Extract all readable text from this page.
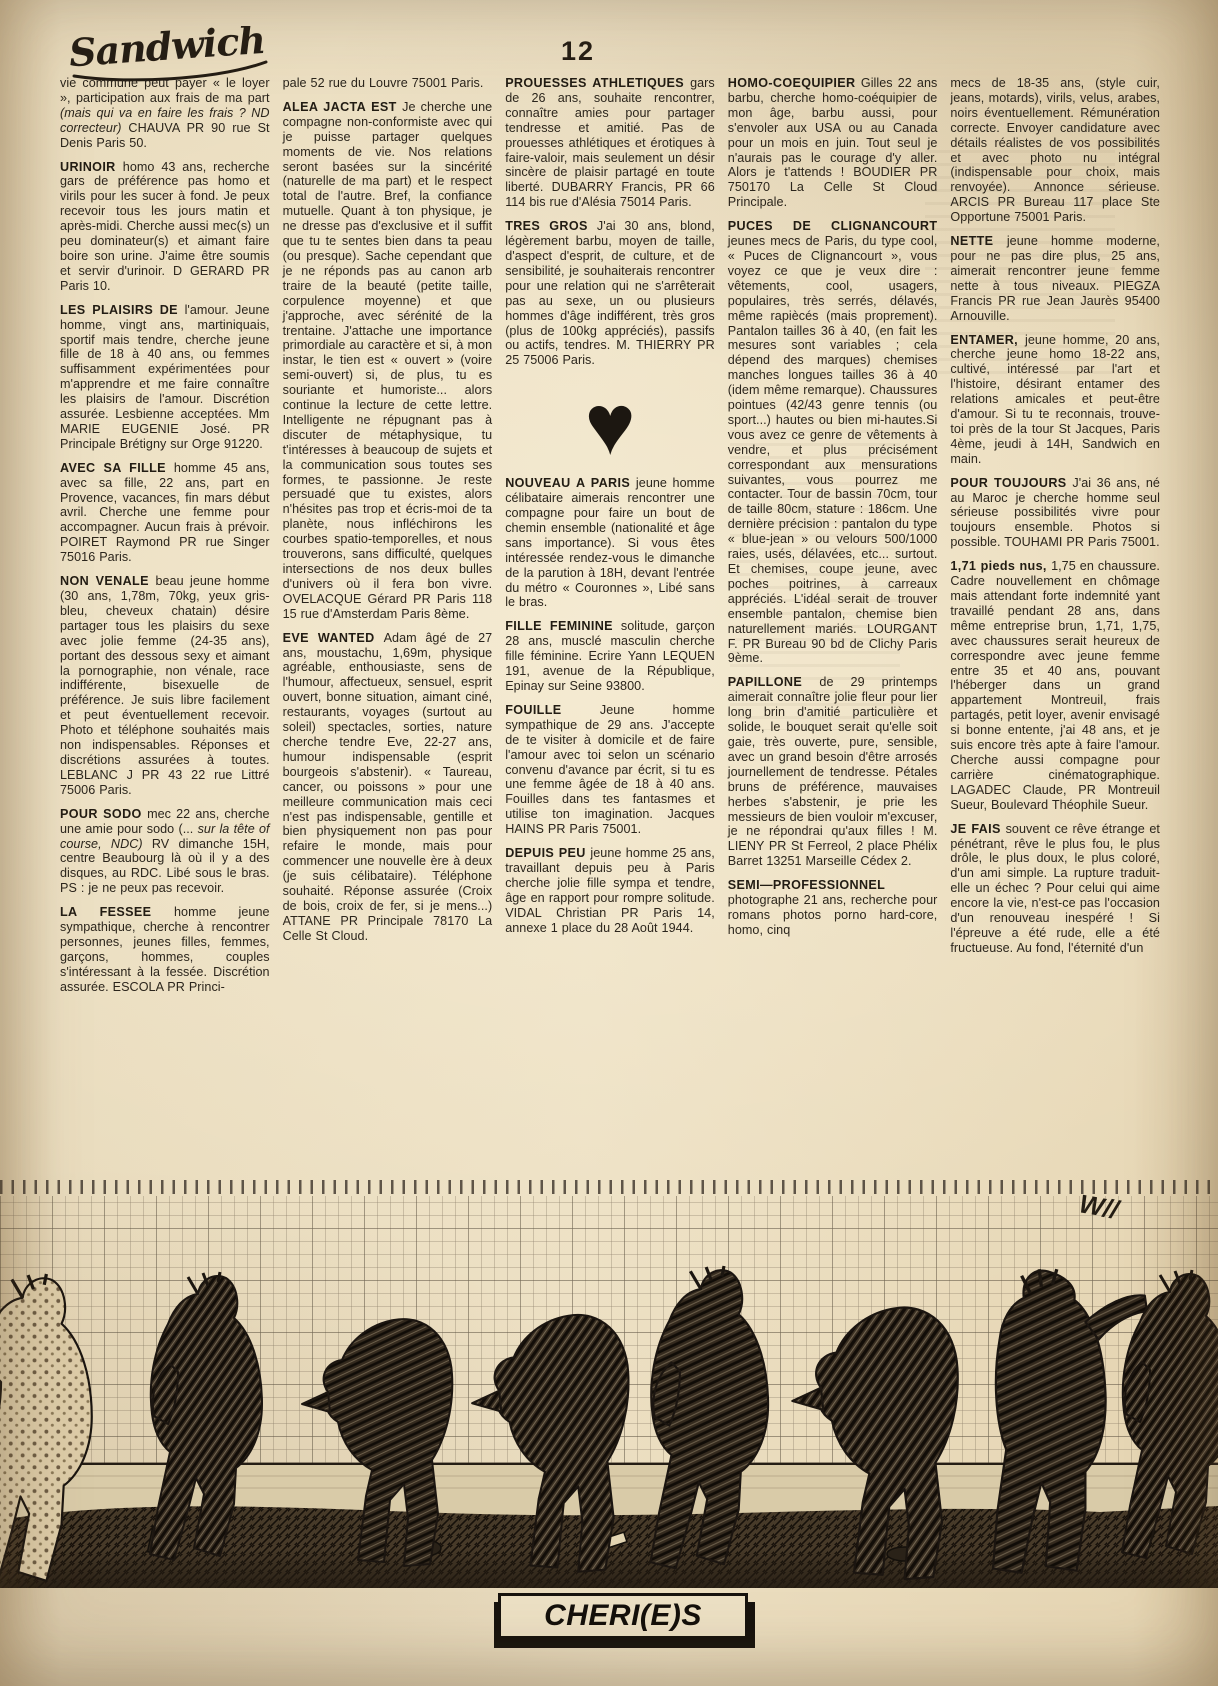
Sandwich	12

vie commune peut payer « le loyer », participation aux frais de ma part (mais qui va en faire les frais ? ND correcteur) CHAUVA PR 90 rue St Denis Paris 50.

URINOIR homo 43 ans, recherche gars de préférence pas homo et virils pour les sucer à fond. Je peux recevoir tous les jours matin et après-midi. Cherche aussi mec(s) un peu dominateur(s) et aimant faire boire son urine. J'aime être soumis et servir d'urinoir. D GERARD PR Paris 10.

LES PLAISIRS DE l'amour. Jeune homme, vingt ans, martiniquais, sportif mais tendre, cherche jeune fille de 18 à 40 ans, ou femmes suffisamment expérimentées pour m'apprendre et me faire connaître les plaisirs de l'amour. Discrétion assurée. Lesbienne acceptées. Mm MARIE EUGENIE José. PR Principale Brétigny sur Orge 91220.

AVEC SA FILLE homme 45 ans, avec sa fille, 22 ans, part en Provence, vacances, fin mars début avril. Cherche une femme pour accompagner. Aucun frais à prévoir. POIRET Raymond PR rue Singer 75016 Paris.

NON VENALE beau jeune homme (30 ans, 1,78m, 70kg, yeux gris-bleu, cheveux chatain) désire partager tous les plaisirs du sexe avec jolie femme (24-35 ans), portant des dessous sexy et aimant la pornographie, non vénale, race indifférente, bisexuelle de préférence. Je suis libre facilement et peut éventuellement recevoir. Photo et téléphone souhaités mais non indispensables. Réponses et discrétions assurées à toutes. LEBLANC J PR 43 22 rue Littré 75006 Paris.

POUR SODO mec 22 ans, cherche une amie pour sodo (... sur la tête of course, NDC) RV dimanche 15H, centre Beaubourg là où il y a des disques, au RDC. Libé sous le bras. PS : je ne peux pas recevoir.

LA FESSEE homme jeune sympathique, cherche à rencontrer personnes, jeunes filles, femmes, garçons, hommes, couples s'intéressant à la fessée. Discrétion assurée. ESCOLA PR Princi-

pale 52 rue du Louvre 75001 Paris.

ALEA JACTA EST Je cherche une compagne non-conformiste avec qui je puisse partager quelques moments de vie. Nos relations seront basées sur la sincérité (naturelle de ma part) et le respect total de l'autre. Bref, la confiance mutuelle. Quant à ton physique, je ne dresse pas d'exclusive et il suffit que tu te sentes bien dans ta peau (ou presque). Sache cependant que je ne réponds pas au canon arb traire de la beauté (petite taille, corpulence moyenne) et que j'approche, avec sérénité de la trentaine. J'attache une importance primordiale au caractère et si, à mon instar, le tien est « ouvert » (voire semi-ouvert) si, de plus, tu es souriante et humoriste... alors continue la lecture de cette lettre. Intelligente ne répugnant pas à discuter de métaphysique, tu t'intéresses à beaucoup de sujets et la communication sous toutes ses formes, te passionne. Je reste persuadé que tu existes, alors n'hésites pas trop et écris-moi de ta planète, nous infléchirons les courbes spatio-temporelles, et nous trouverons, sans difficulté, quelques intersections de nos deux bulles d'univers où il fera bon vivre. OVELACQUE Gérard PR Paris 118 15 rue d'Amsterdam Paris 8ème.

EVE WANTED Adam âgé de 27 ans, moustachu, 1,69m, physique agréable, enthousiaste, sens de l'humour, affectueux, sensuel, esprit ouvert, bonne situation, aimant ciné, restaurants, voyages (surtout au soleil) spectacles, sorties, nature cherche tendre Eve, 22-27 ans, humour indispensable (esprit bourgeois s'abstenir). « Taureau, cancer, ou poissons » pour une meilleure communication mais ceci n'est pas indispensable, gentille et bien physiquement non pas pour refaire le monde, mais pour commencer une nouvelle ère à deux (je suis célibataire). Téléphone souhaité. Réponse assurée (Croix de bois, croix de fer, si je mens...) ATTANE PR Principale 78170 La Celle St Cloud.

PROUESSES ATHLETIQUES gars de 26 ans, souhaite rencontrer, connaître amies pour partager tendresse et amitié. Pas de prouesses athlétiques et érotiques à faire-valoir, mais seulement un désir sincère de plaisir partagé en toute liberté. DUBARRY Francis, PR 66 114 bis rue d'Alésia 75014 Paris.

TRES GROS J'ai 30 ans, blond, légèrement barbu, moyen de taille, d'aspect d'esprit, de culture, et de sensibilité, je souhaiterais rencontrer pour une relation qui ne s'arrêterait pas au sexe, un ou plusieurs hommes d'âge indifférent, très gros (plus de 100kg appréciés), passifs ou actifs, tendres. M. THIERRY PR 25 75006 Paris.

♥

NOUVEAU A PARIS jeune homme célibataire aimerais rencontrer une compagne pour faire un bout de chemin ensemble (nationalité et âge sans importance). Si vous êtes intéressée rendez-vous le dimanche de la parution à 18H, devant l'entrée du métro « Couronnes », Libé sans le bras.

FILLE FEMININE solitude, garçon 28 ans, musclé masculin cherche fille féminine. Ecrire Yann LEQUEN 191, avenue de la République, Epinay sur Seine 93800.

FOUILLE Jeune homme sympathique de 29 ans. J'accepte de te visiter à domicile et de faire l'amour avec toi selon un scénario convenu d'avance par écrit, si tu es une femme âgée de 18 à 40 ans. Fouilles dans tes fantasmes et utilise ton imagination. Jacques HAINS PR Paris 75001.

DEPUIS PEU jeune homme 25 ans, travaillant depuis peu à Paris cherche jolie fille sympa et tendre, âge en rapport pour rompre solitude. VIDAL Christian PR Paris 14, annexe 1 place du 28 Août 1944.

HOMO-COEQUIPIER Gilles 22 ans barbu, cherche homo-coéquipier de mon âge, barbu aussi, pour s'envoler aux USA ou au Canada pour un mois en juin. Tout seul je n'aurais pas le courage d'y aller. Alors je t'attends ! BOUDIER PR 750170 La Celle St Cloud Principale.

PUCES DE CLIGNANCOURT jeunes mecs de Paris, du type cool, « Puces de Clignancourt », vous voyez ce que je veux dire : vêtements, cool, usagers, populaires, très serrés, délavés, même rapiècés (mais proprement). Pantalon tailles 36 à 40, (en fait les mesures sont variables ; cela dépend des marques) chemises manches longues tailles 36 à 40 (idem même remarque). Chaussures pointues (42/43 genre tennis (ou sport...) hautes ou bien mi-hautes.Si vous avez ce genre de vêtements à vendre, et plus précisément correspondant aux mensurations suivantes, vous pourrez me contacter. Tour de bassin 70cm, tour de taille 80cm, stature : 186cm. Une dernière précision : pantalon du type « blue-jean » ou velours 500/1000 raies, usés, délavées, etc... surtout. Et chemises, coupe jeune, avec poches poitrines, à carreaux appréciés. L'idéal serait de trouver ensemble pantalon, chemise bien naturellement mariés. LOURGANT F. PR Bureau 90 bd de Clichy Paris 9ème.

PAPILLONE de 29 printemps aimerait connaître jolie fleur pour lier long brin d'amitié particulière et solide, le bouquet serait qu'elle soit gaie, très ouverte, pure, sensible, avec un grand besoin d'être arrosés journellement de tendresse. Pétales bruns de préférence, mauvaises herbes s'abstenir, je prie les messieurs de bien vouloir m'excuser, je ne répondrai qu'aux filles ! M. LIENY PR St Ferreol, 2 place Phélix Barret 13251 Marseille Cédex 2.

SEMI—PROFESSIONNEL photographe 21 ans, recherche pour romans photos porno hard-core, homo, cinq

mecs de 18-35 ans, (style cuir, jeans, motards), virils, velus, arabes, noirs éventuellement. Rémunération correcte. Envoyer candidature avec détails réalistes de vos possibilités et avec photo nu intégral (indispensable pour choix, mais renvoyée). Annonce sérieuse. ARCIS PR Bureau 117 place Ste Opportune 75001 Paris.

NETTE jeune homme moderne, pour ne pas dire plus, 25 ans, aimerait rencontrer jeune femme nette à tous niveaux. PIEGZA Francis PR rue Jean Jaurès 95400 Arnouville.

ENTAMER, jeune homme, 20 ans, cherche jeune homo 18-22 ans, cultivé, intéressé par l'art et l'histoire, désirant entamer des relations amicales et peut-être d'amour. Si tu te reconnais, trouve-toi près de la tour St Jacques, Paris 4ème, jeudi à 14H, Sandwich en main.

POUR TOUJOURS J'ai 36 ans, né au Maroc je cherche homme seul sérieuse possibilités vivre pour toujours ensemble. Photos si possible. TOUHAMI PR Paris 75001.

1,71 pieds nus, 1,75 en chaussure. Cadre nouvellement en chômage mais attendant forte indemnité yant travaillé pendant 28 ans, dans même entreprise brun, 1,71, 1,75, avec chaussures serait heureux de correspondre avec jeune femme entre 35 et 40 ans, pouvant l'héberger dans un grand appartement Montreuil, frais partagés, petit loyer, avenir envisagé si bonne entente, j'ai 48 ans, et je suis encore très apte à faire l'amour. Cherche aussi compagne pour carrière cinématographique. LAGADEC Claude, PR Montreuil Sueur, Boulevard Théophile Sueur.

JE FAIS souvent ce rêve étrange et pénétrant, rêve le plus fou, le plus drôle, le plus doux, le plus coloré, d'un ami simple. La rupture traduit-elle un échec ? Pour celui qui aime encore la vie, n'est-ce pas l'occasion d'un renouveau inespéré ! Si l'épreuve a été rude, elle a été fructueuse. Au fond, l'éternité d'un

W//
CHERI(E)S
